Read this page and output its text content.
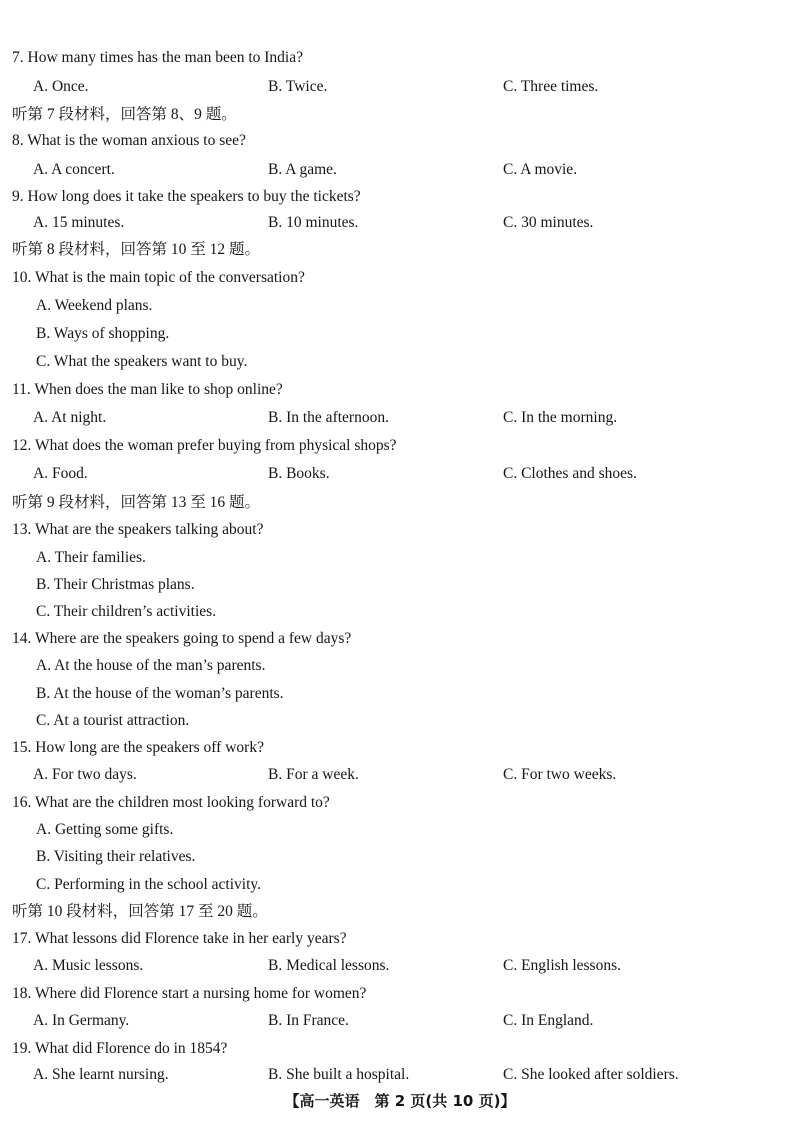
7. How many times has the man been to India?
A. Once.	B. Twice.	C. Three times.
听第 7 段材料，回答第 8、9 题。
8. What is the woman anxious to see?
A. A concert.	B. A game.	C. A movie.
9. How long does it take the speakers to buy the tickets?
A. 15 minutes.	B. 10 minutes.	C. 30 minutes.
听第 8 段材料，回答第 10 至 12 题。
10. What is the main topic of the conversation?
A. Weekend plans.
B. Ways of shopping.
C. What the speakers want to buy.
11. When does the man like to shop online?
A. At night.	B. In the afternoon.	C. In the morning.
12. What does the woman prefer buying from physical shops?
A. Food.	B. Books.	C. Clothes and shoes.
听第 9 段材料，回答第 13 至 16 题。
13. What are the speakers talking about?
A. Their families.
B. Their Christmas plans.
C. Their children’s activities.
14. Where are the speakers going to spend a few days?
A. At the house of the man’s parents.
B. At the house of the woman’s parents.
C. At a tourist attraction.
15. How long are the speakers off work?
A. For two days.	B. For a week.	C. For two weeks.
16. What are the children most looking forward to?
A. Getting some gifts.
B. Visiting their relatives.
C. Performing in the school activity.
听第 10 段材料，回答第 17 至 20 题。
17. What lessons did Florence take in her early years?
A. Music lessons.	B. Medical lessons.	C. English lessons.
18. Where did Florence start a nursing home for women?
A. In Germany.	B. In France.	C. In England.
19. What did Florence do in 1854?
A. She learnt nursing.	B. She built a hospital.	C. She looked after soldiers.
【高一英语　第 2 页(共 10 页)】
